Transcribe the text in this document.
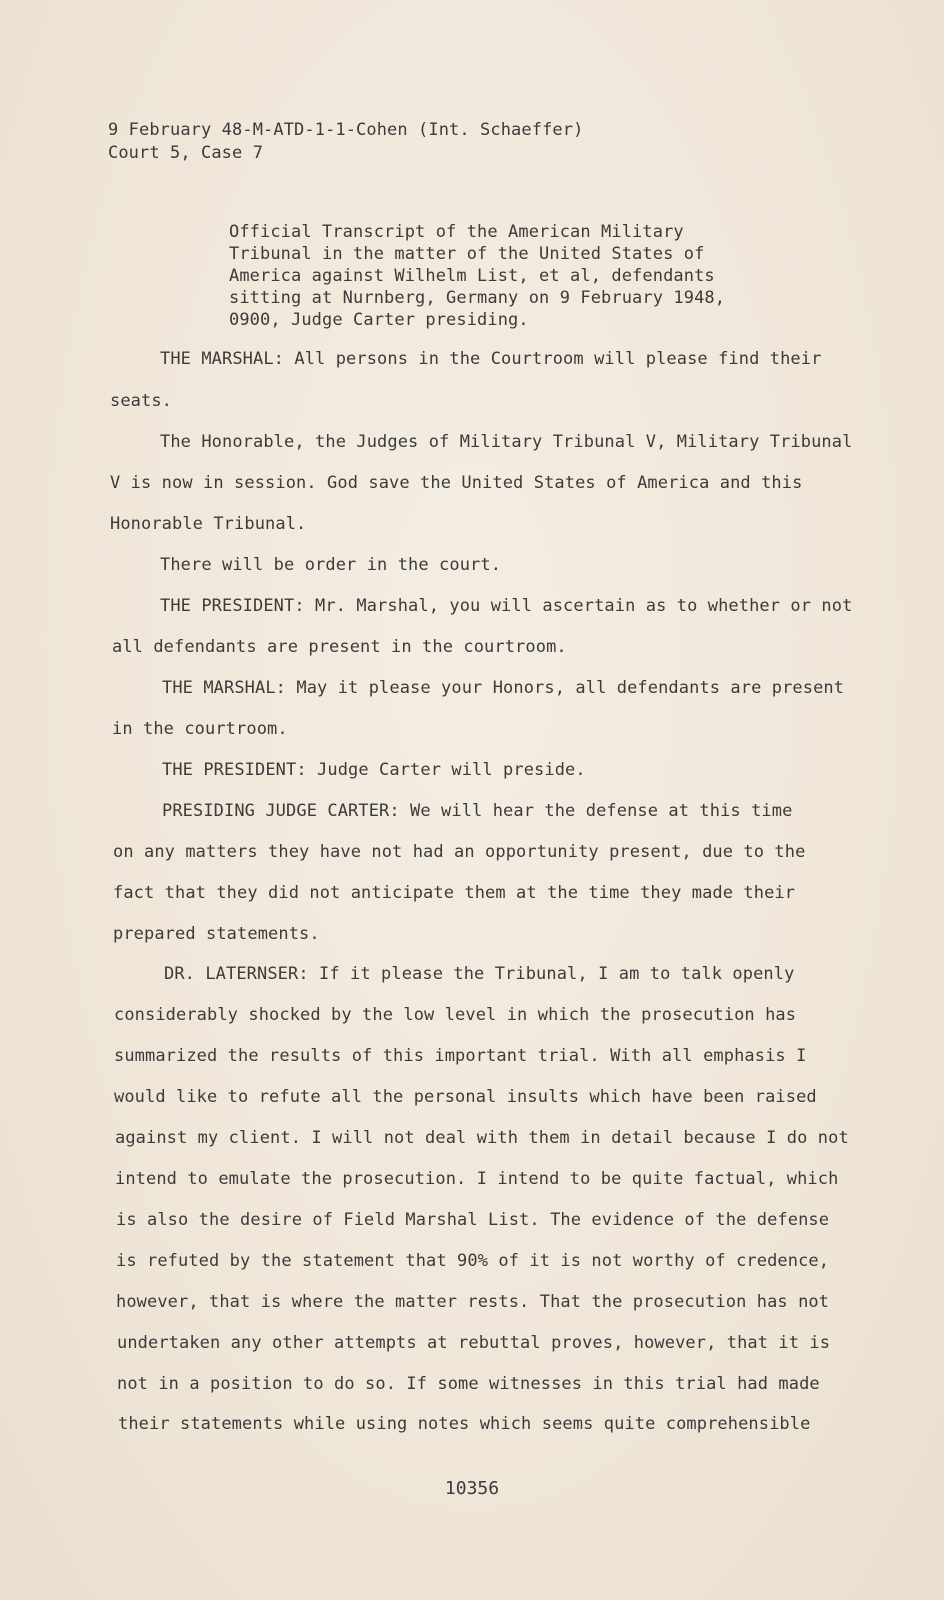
9 February 48-M-ATD-1-1-Cohen (Int. Schaeffer)
Court 5, Case 7
Official Transcript of the American Military
Tribunal in the matter of the United States of
America against Wilhelm List, et al, defendants
sitting at Nurnberg, Germany on 9 February 1948,
0900, Judge Carter presiding.
THE MARSHAL: All persons in the Courtroom will please find their
seats.
The Honorable, the Judges of Military Tribunal V, Military Tribunal
V is now in session. God save the United States of America and this
Honorable Tribunal.
There will be order in the court.
THE PRESIDENT: Mr. Marshal, you will ascertain as to whether or not
all defendants are present in the courtroom.
THE MARSHAL: May it please your Honors, all defendants are present
in the courtroom.
THE PRESIDENT: Judge Carter will preside.
PRESIDING JUDGE CARTER: We will hear the defense at this time
on any matters they have not had an opportunity present, due to the
fact that they did not anticipate them at the time they made their
prepared statements.
DR. LATERNSER: If it please the Tribunal, I am to talk openly
considerably shocked by the low level in which the prosecution has
summarized the results of this important trial. With all emphasis I
would like to refute all the personal insults which have been raised
against my client. I will not deal with them in detail because I do not
intend to emulate the prosecution. I intend to be quite factual, which
is also the desire of Field Marshal List. The evidence of the defense
is refuted by the statement that 90% of it is not worthy of credence,
however, that is where the matter rests. That the prosecution has not
undertaken any other attempts at rebuttal proves, however, that it is
not in a position to do so. If some witnesses in this trial had made
their statements while using notes which seems quite comprehensible
10356
